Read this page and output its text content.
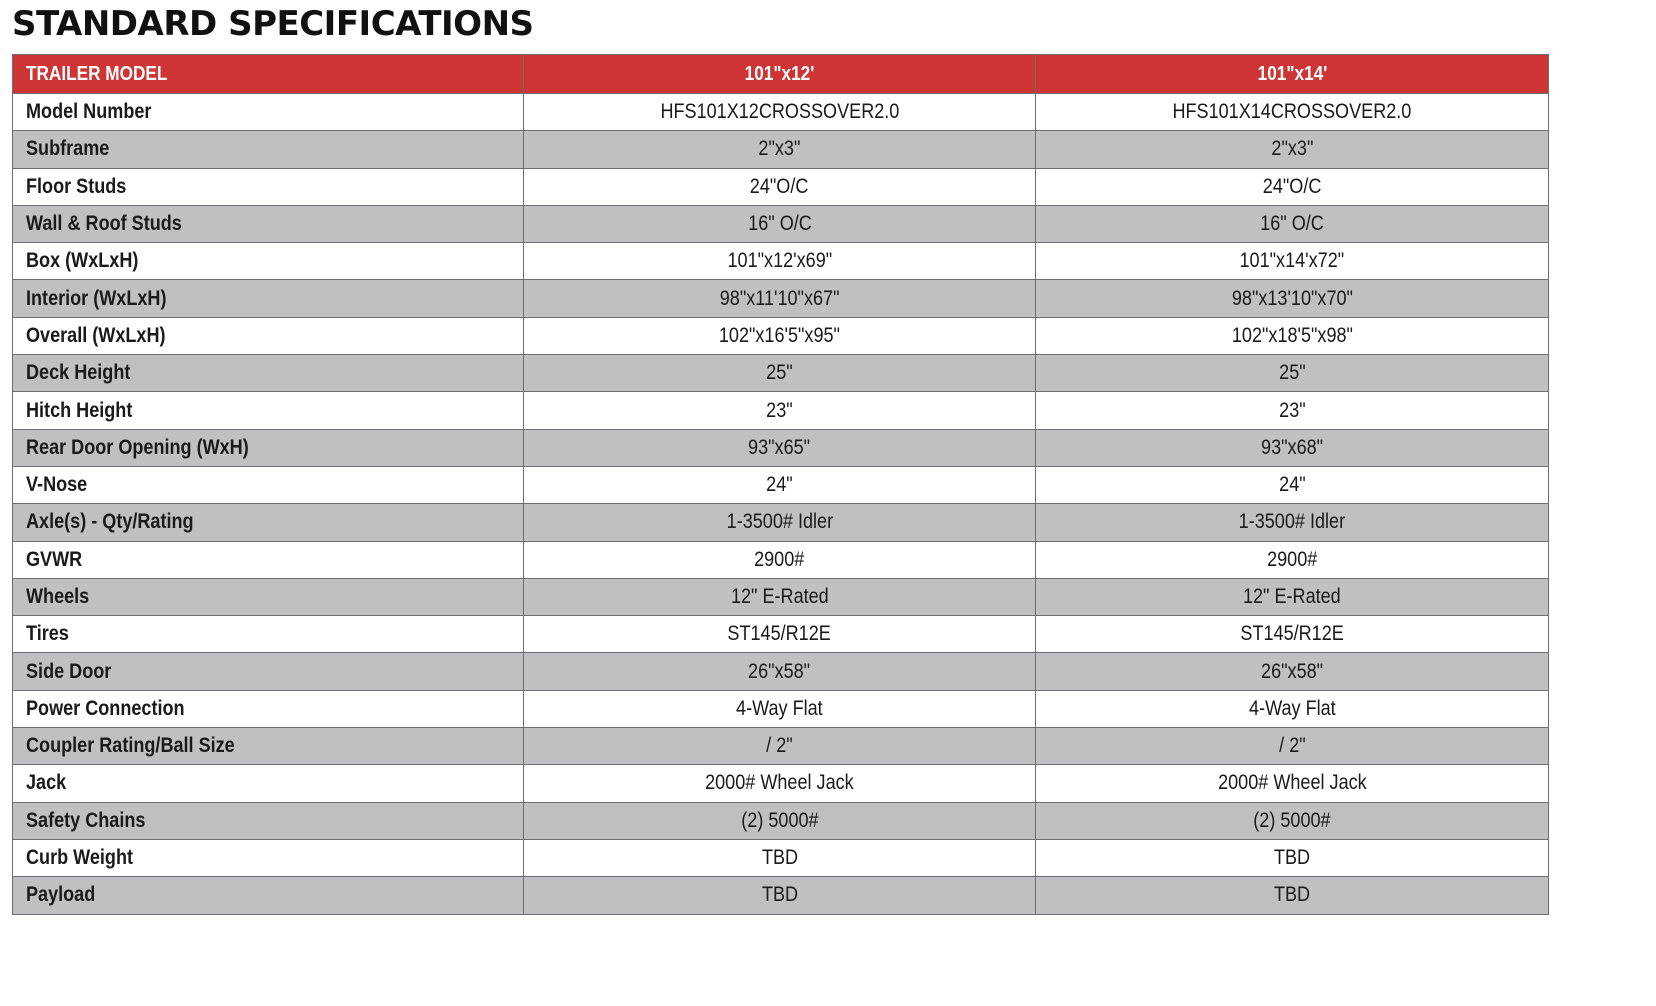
STANDARD SPECIFICATIONS
TRAILER MODEL	101"x12'	101"x14'
Model Number	HFS101X12CROSSOVER2.0	HFS101X14CROSSOVER2.0
Subframe	2"x3"	2"x3"
Floor Studs	24"O/C	24"O/C
Wall & Roof Studs	16" O/C	16" O/C
Box (WxLxH)	101"x12'x69"	101"x14'x72"
Interior (WxLxH)	98"x11'10"x67"	98"x13'10"x70"
Overall (WxLxH)	102"x16'5"x95"	102"x18'5"x98"
Deck Height	25"	25"
Hitch Height	23"	23"
Rear Door Opening (WxH)	93"x65"	93"x68"
V-Nose	24"	24"
Axle(s) - Qty/Rating	1-3500# Idler	1-3500# Idler
GVWR	2900#	2900#
Wheels	12" E-Rated	12" E-Rated
Tires	ST145/R12E	ST145/R12E
Side Door	26"x58"	26"x58"
Power Connection	4-Way Flat	4-Way Flat
Coupler Rating/Ball Size	/ 2"	/ 2"
Jack	2000# Wheel Jack	2000# Wheel Jack
Safety Chains	(2) 5000#	(2) 5000#
Curb Weight	TBD	TBD
Payload	TBD	TBD
